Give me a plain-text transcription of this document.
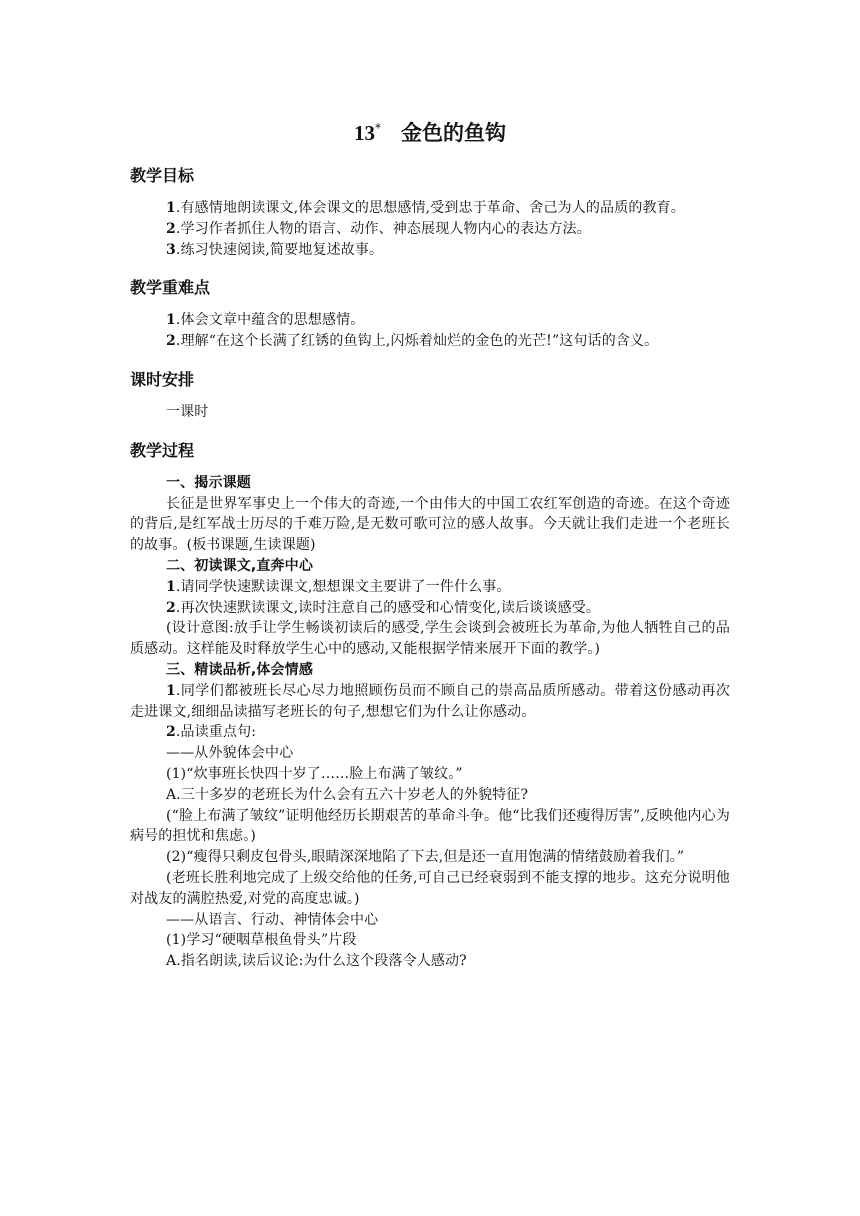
13* 金色的鱼钩
教学目标

1.有感情地朗读课文,体会课文的思想感情,受到忠于革命、舍己为人的品质的教育。

2.学习作者抓住人物的语言、动作、神态展现人物内心的表达方法。

3.练习快速阅读,简要地复述故事。

教学重难点

1.体会文章中蕴含的思想感情。

2.理解“在这个长满了红锈的鱼钩上,闪烁着灿烂的金色的光芒!”这句话的含义。

课时安排

一课时

教学过程

一、揭示课题

长征是世界军事史上一个伟大的奇迹,一个由伟大的中国工农红军创造的奇迹。在这个奇迹的背后,是红军战士历尽的千难万险,是无数可歌可泣的感人故事。今天就让我们走进一个老班长的故事。(板书课题,生读课题)

二、初读课文,直奔中心

1.请同学快速默读课文,想想课文主要讲了一件什么事。

2.再次快速默读课文,读时注意自己的感受和心情变化,读后谈谈感受。

(设计意图:放手让学生畅谈初读后的感受,学生会谈到会被班长为革命,为他人牺牲自己的品质感动。这样能及时释放学生心中的感动,又能根据学情来展开下面的教学。)

三、精读品析,体会情感

1.同学们都被班长尽心尽力地照顾伤员而不顾自己的崇高品质所感动。带着这份感动再次走进课文,细细品读描写老班长的句子,想想它们为什么让你感动。

2.品读重点句:

——从外貌体会中心

(1)“炊事班长快四十岁了……脸上布满了皱纹。”

A.三十多岁的老班长为什么会有五六十岁老人的外貌特征?

(“脸上布满了皱纹”证明他经历长期艰苦的革命斗争。他“比我们还瘦得厉害”,反映他内心为病号的担忧和焦虑。)

(2)“瘦得只剩皮包骨头,眼睛深深地陷了下去,但是还一直用饱满的情绪鼓励着我们。”

(老班长胜利地完成了上级交给他的任务,可自己已经衰弱到不能支撑的地步。这充分说明他对战友的满腔热爱,对党的高度忠诚。)

——从语言、行动、神情体会中心

(1)学习“硬咽草根鱼骨头”片段

A.指名朗读,读后议论:为什么这个段落令人感动?
